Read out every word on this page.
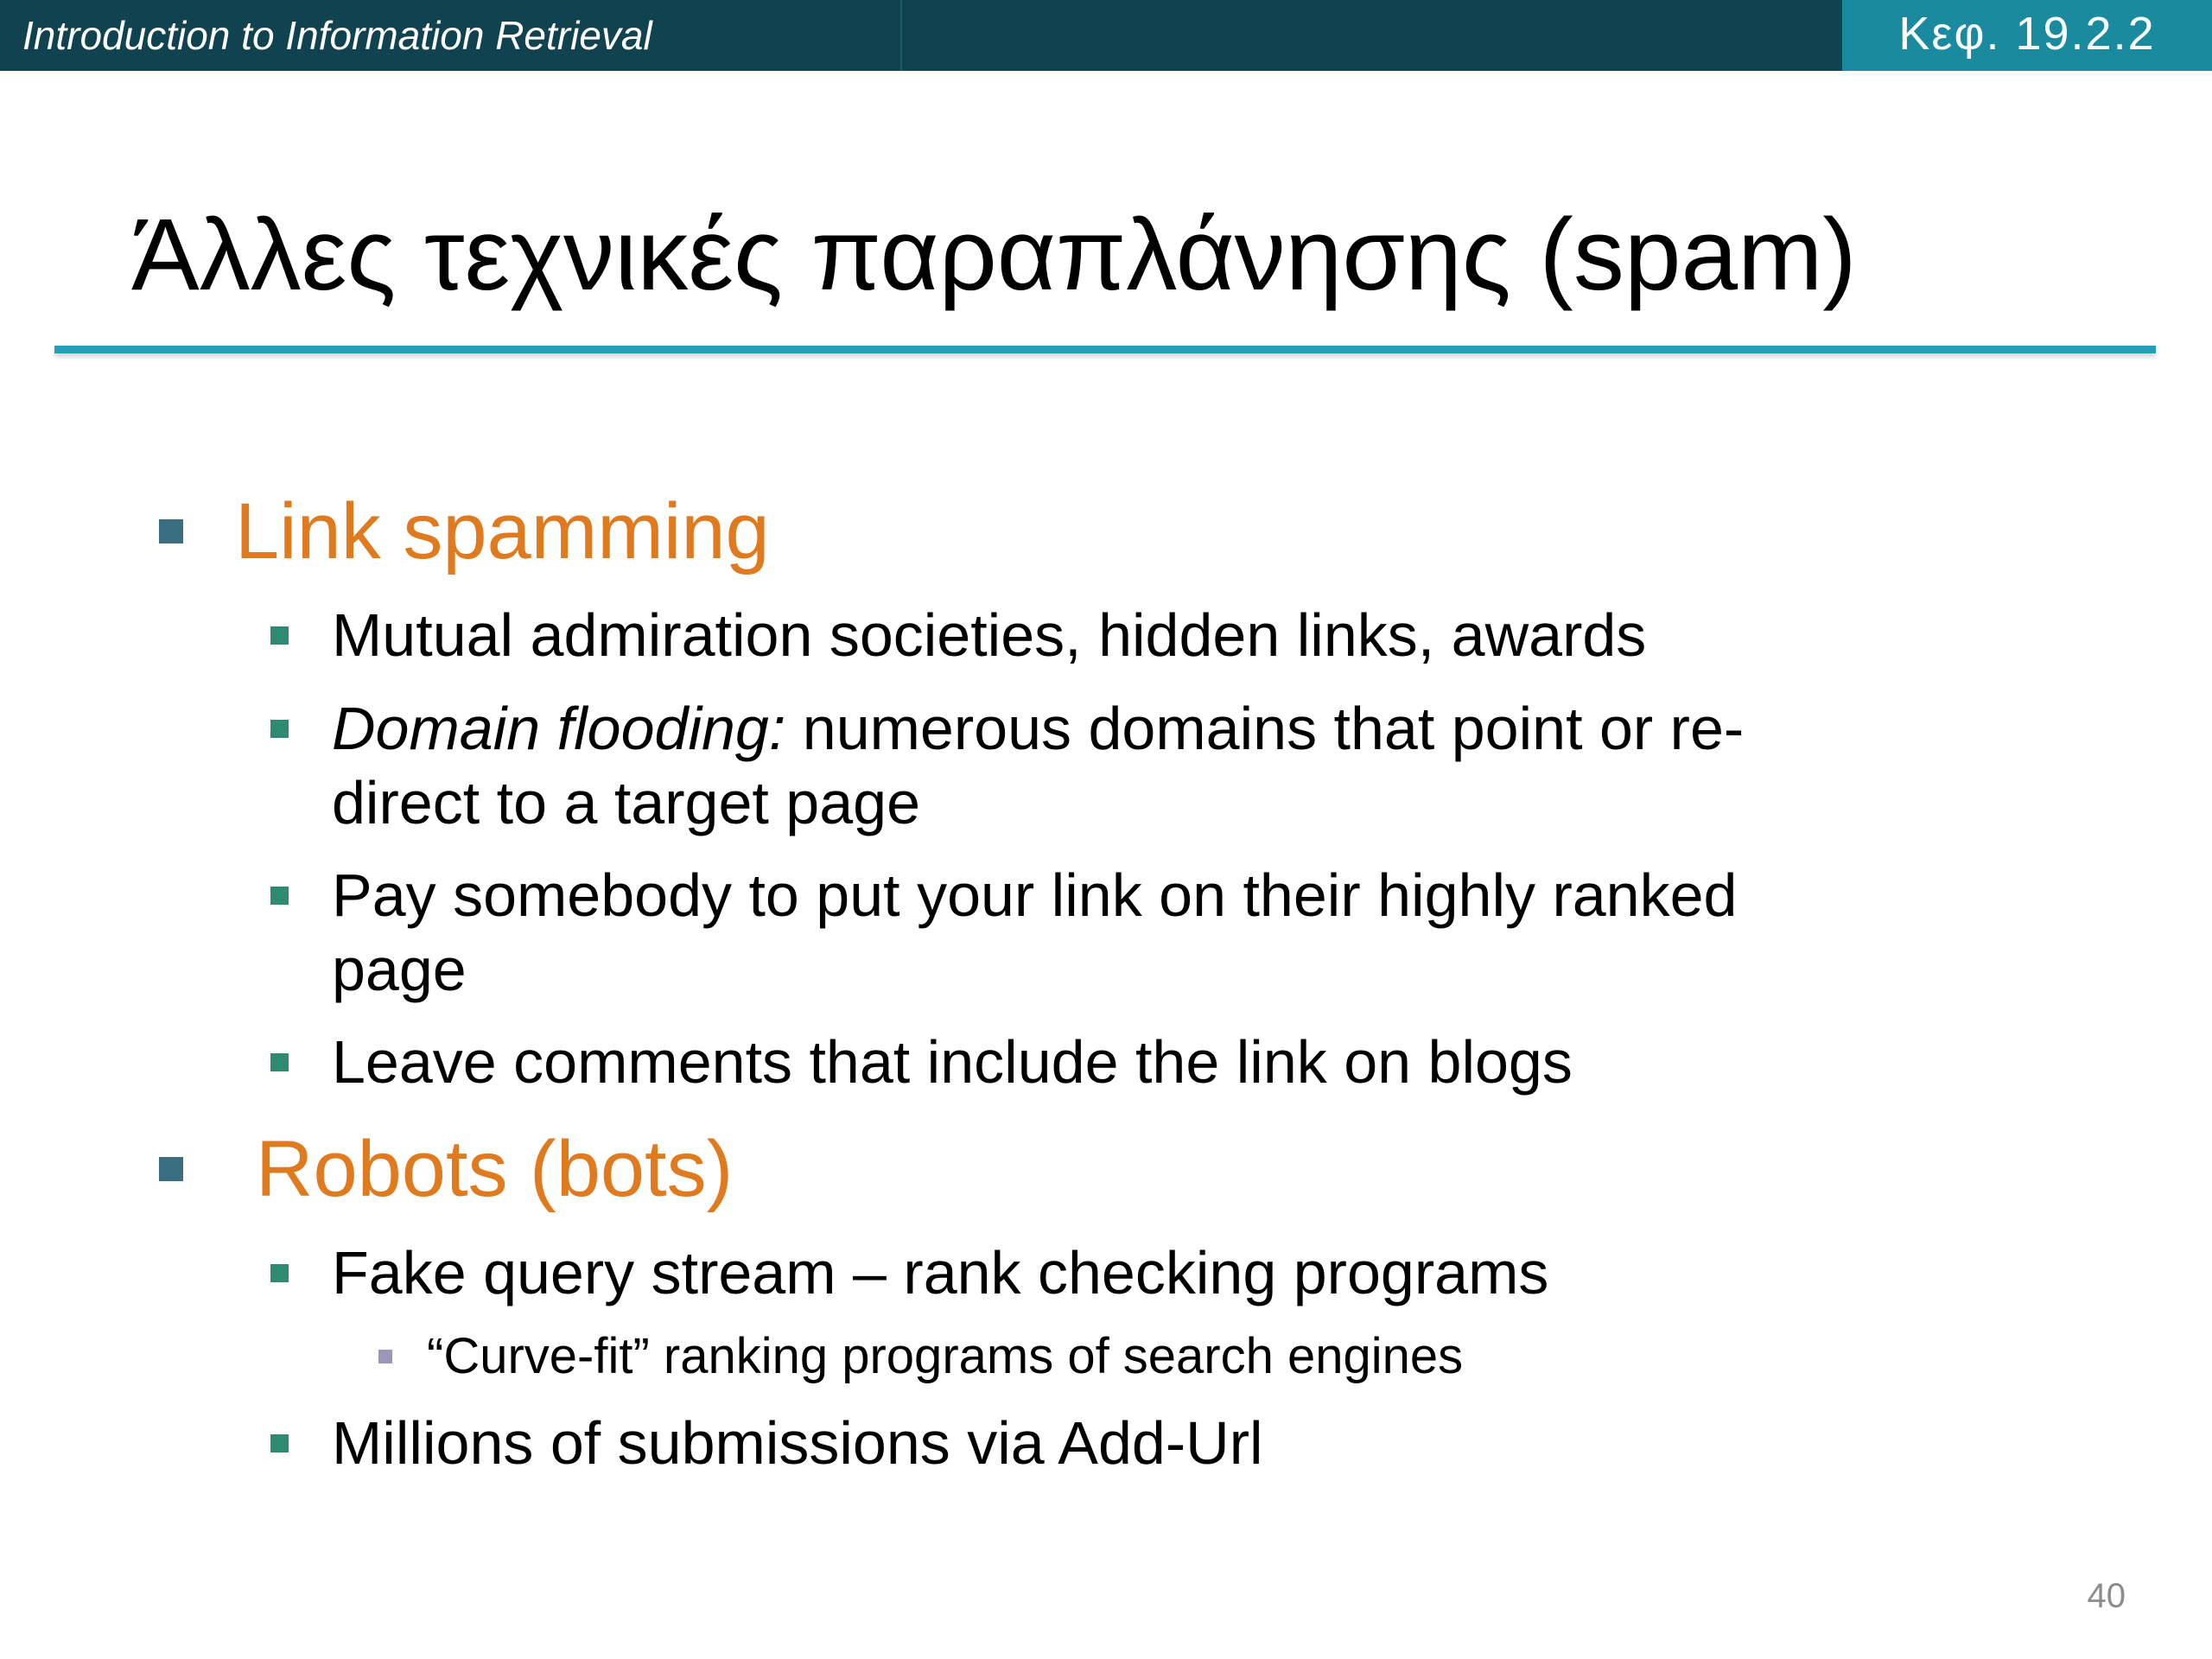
Introduction to Information Retrieval	Κεφ. 19.2.2
Άλλες τεχνικές παραπλάνησης (spam)
Link spamming
Mutual admiration societies, hidden links, awards
Domain flooding: numerous domains that point or re-
direct to a target page
Pay somebody to put your link on their highly ranked
page
Leave comments that include the link on blogs
Robots (bots)
Fake query stream – rank checking programs
“Curve-fit” ranking programs of search engines
Millions of submissions via Add-Url
40
